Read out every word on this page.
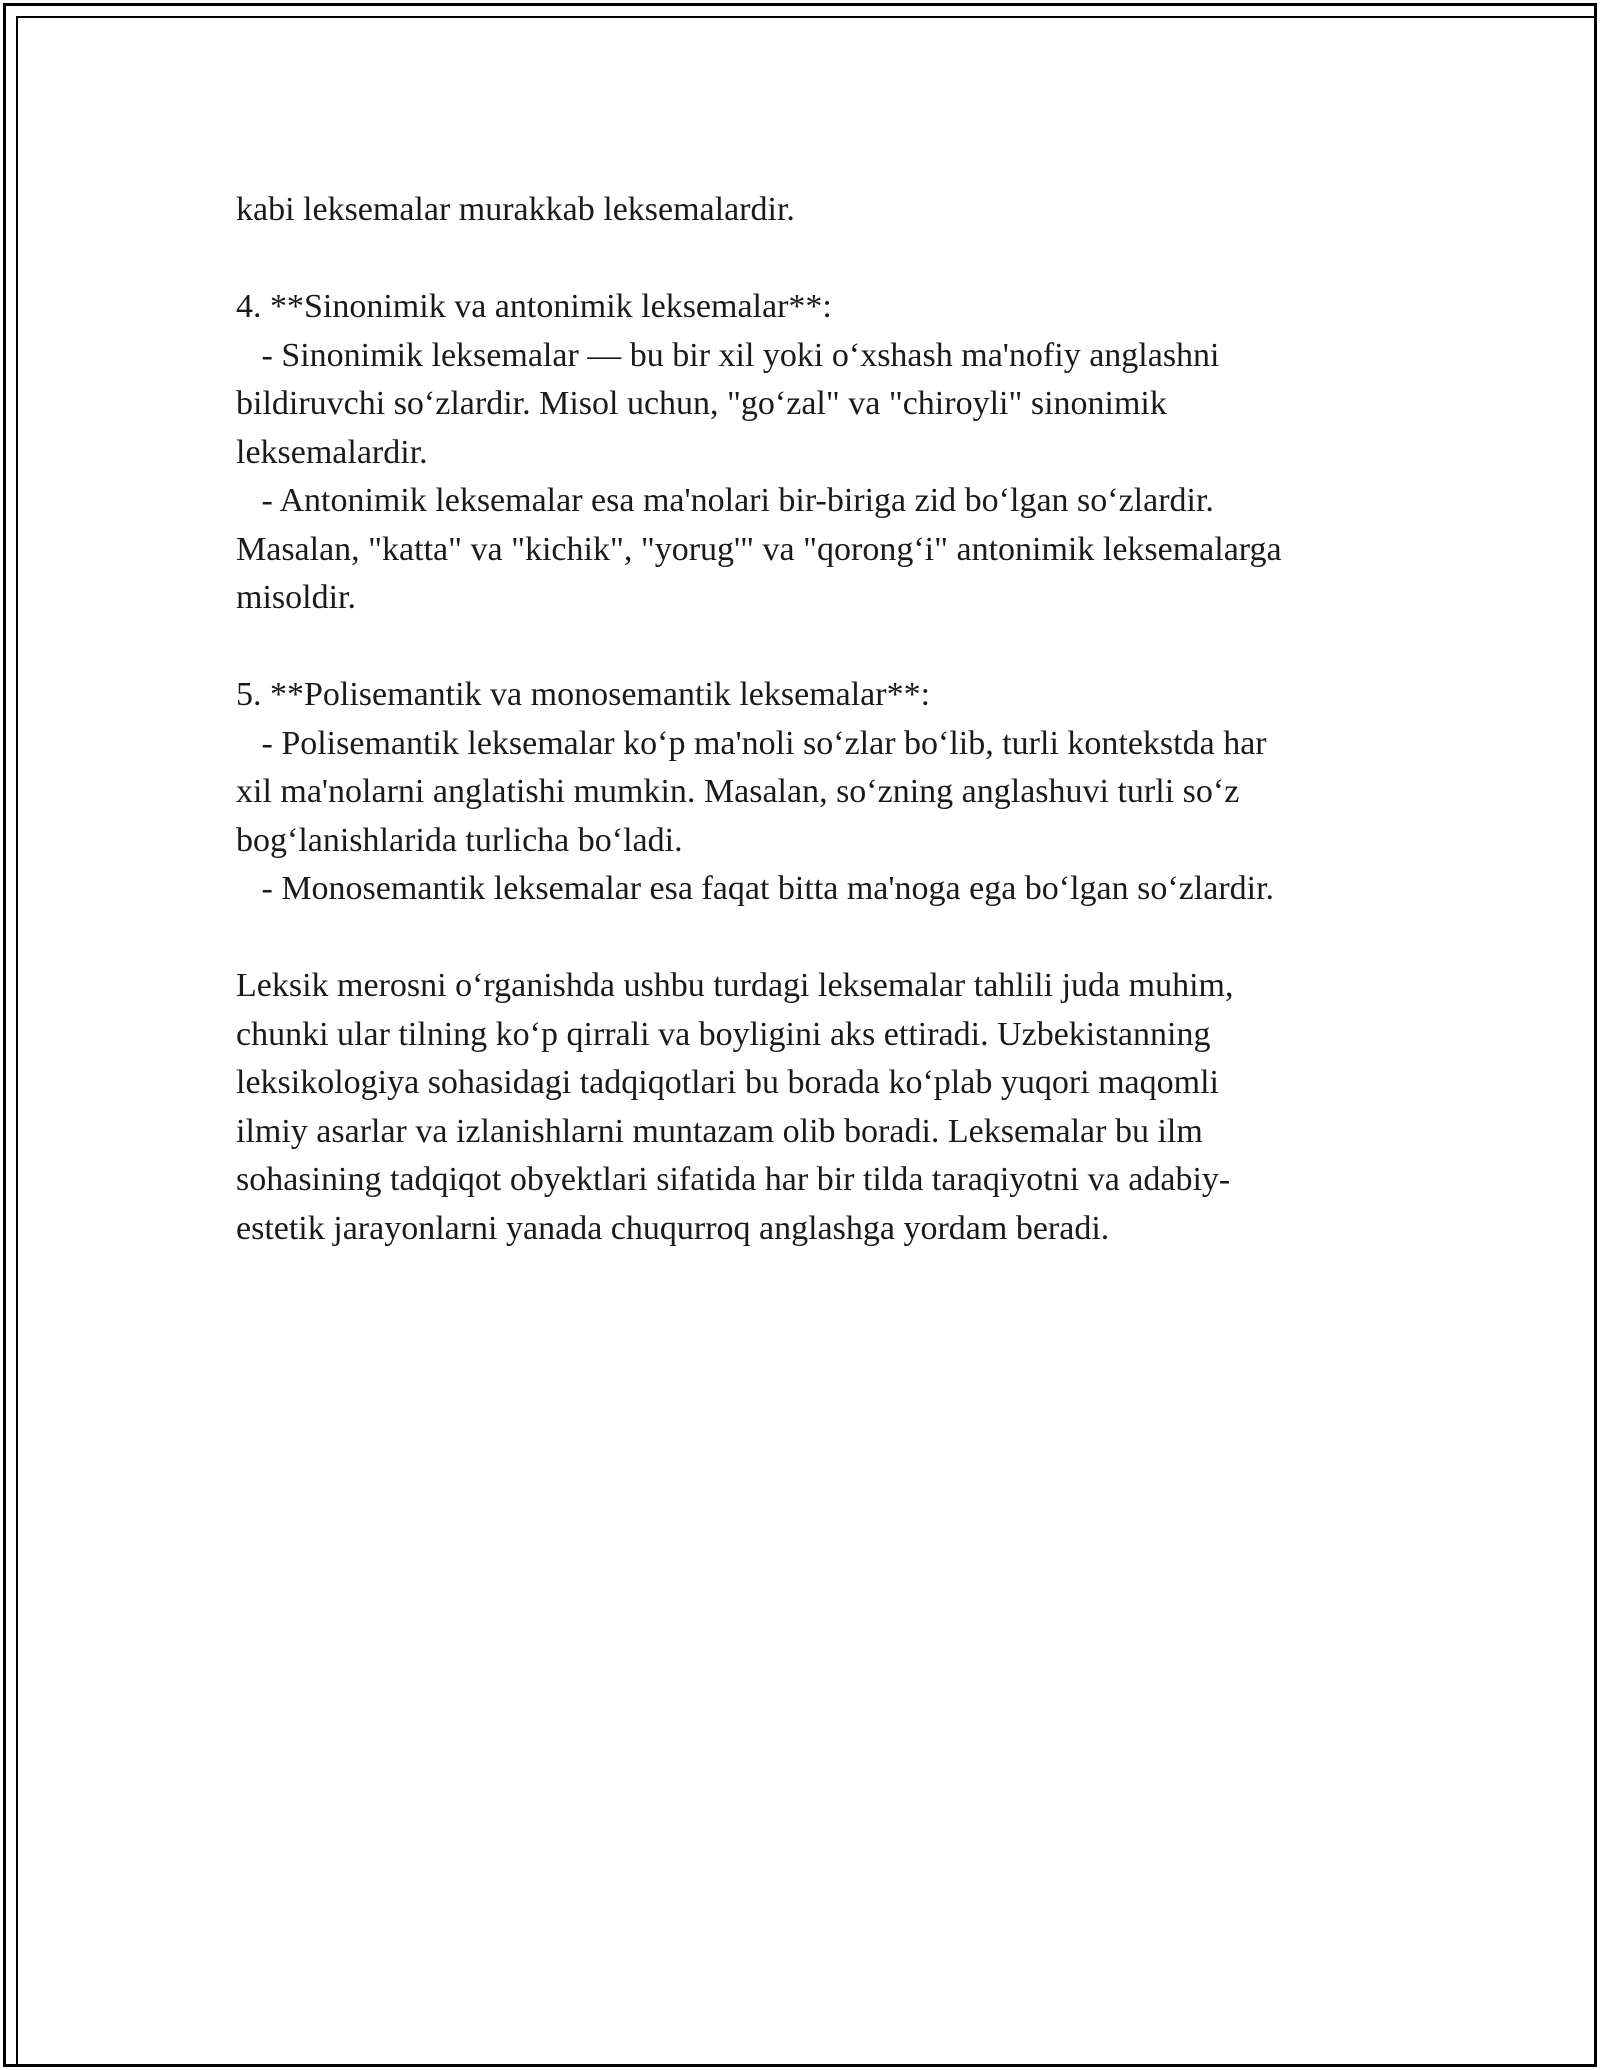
kabi leksemalar murakkab leksemalardir.
4. **Sinonimik va antonimik leksemalar**:
- Sinonimik leksemalar — bu bir xil yoki o‘xshash ma'nofiy anglashni
bildiruvchi so‘zlardir. Misol uchun, "go‘zal" va "chiroyli" sinonimik
leksemalardir.
- Antonimik leksemalar esa ma'nolari bir-biriga zid bo‘lgan so‘zlardir.
Masalan, "katta" va "kichik", "yorug'" va "qorong‘i" antonimik leksemalarga
misoldir.
5. **Polisemantik va monosemantik leksemalar**:
- Polisemantik leksemalar ko‘p ma'noli so‘zlar bo‘lib, turli kontekstda har
xil ma'nolarni anglatishi mumkin. Masalan, so‘zning anglashuvi turli so‘z
bog‘lanishlarida turlicha bo‘ladi.
- Monosemantik leksemalar esa faqat bitta ma'noga ega bo‘lgan so‘zlardir.
Leksik merosni o‘rganishda ushbu turdagi leksemalar tahlili juda muhim,
chunki ular tilning ko‘p qirrali va boyligini aks ettiradi. Uzbekistanning
leksikologiya sohasidagi tadqiqotlari bu borada ko‘plab yuqori maqomli
ilmiy asarlar va izlanishlarni muntazam olib boradi. Leksemalar bu ilm
sohasining tadqiqot obyektlari sifatida har bir tilda taraqiyotni va adabiy-
estetik jarayonlarni yanada chuqurroq anglashga yordam beradi.
